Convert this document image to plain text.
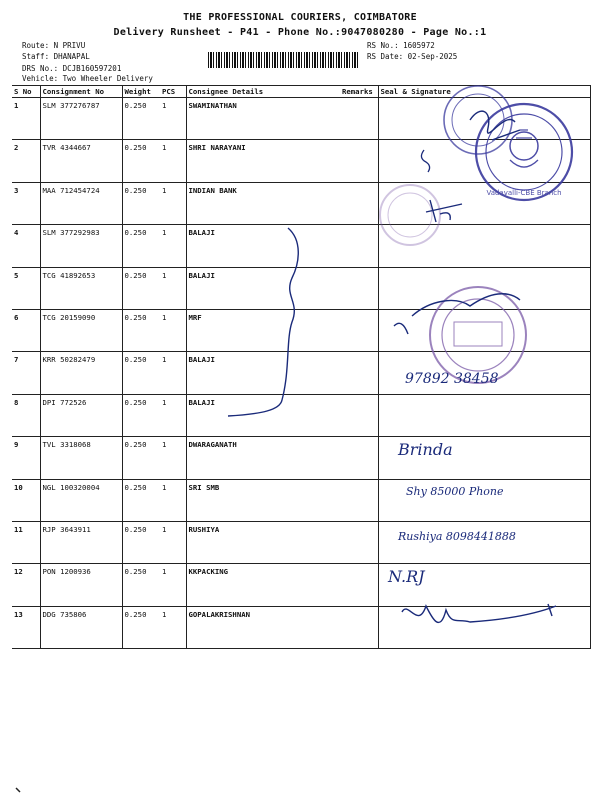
THE PROFESSIONAL COURIERS, COIMBATORE
Delivery Runsheet - P41 - Phone No.:9047080280 - Page No.:1
Route: N PRIVU
Staff: DHANAPAL
DRS No.: DCJB160597201
Vehicle: Two Wheeler Delivery
RS No.: 1605972
RS Date: 02-Sep-2025
S No	Consignment No	Weight	PCS	Consignee Details	Remarks	Seal & Signature
1	SLM 377276787	0.250	1	SWAMINATHAN		
2	TVR 4344667	0.250	1	SHRI NARAYANI		
3	MAA 712454724	0.250	1	INDIAN BANK		
4	SLM 377292983	0.250	1	BALAJI		
5	TCG 41892653	0.250	1	BALAJI		
6	TCG 20159090	0.250	1	MRF		
7	KRR 50282479	0.250	1	BALAJI		
8	DPI 772526	0.250	1	BALAJI		
9	TVL 3318068	0.250	1	DWARAGANATH		
10	NGL 100320004	0.250	1	SRI SMB		
11	RJP 3643911	0.250	1	RUSHIYA		
12	PON 1200936	0.250	1	KKPACKING		
13	DDG 735806	0.250	1	GOPALAKRISHNAN		
Vadavalli-CBE Branch
97892 38458
Brinda
Shy 85000 Phone
Rushiya 8098441888
N.RJ
